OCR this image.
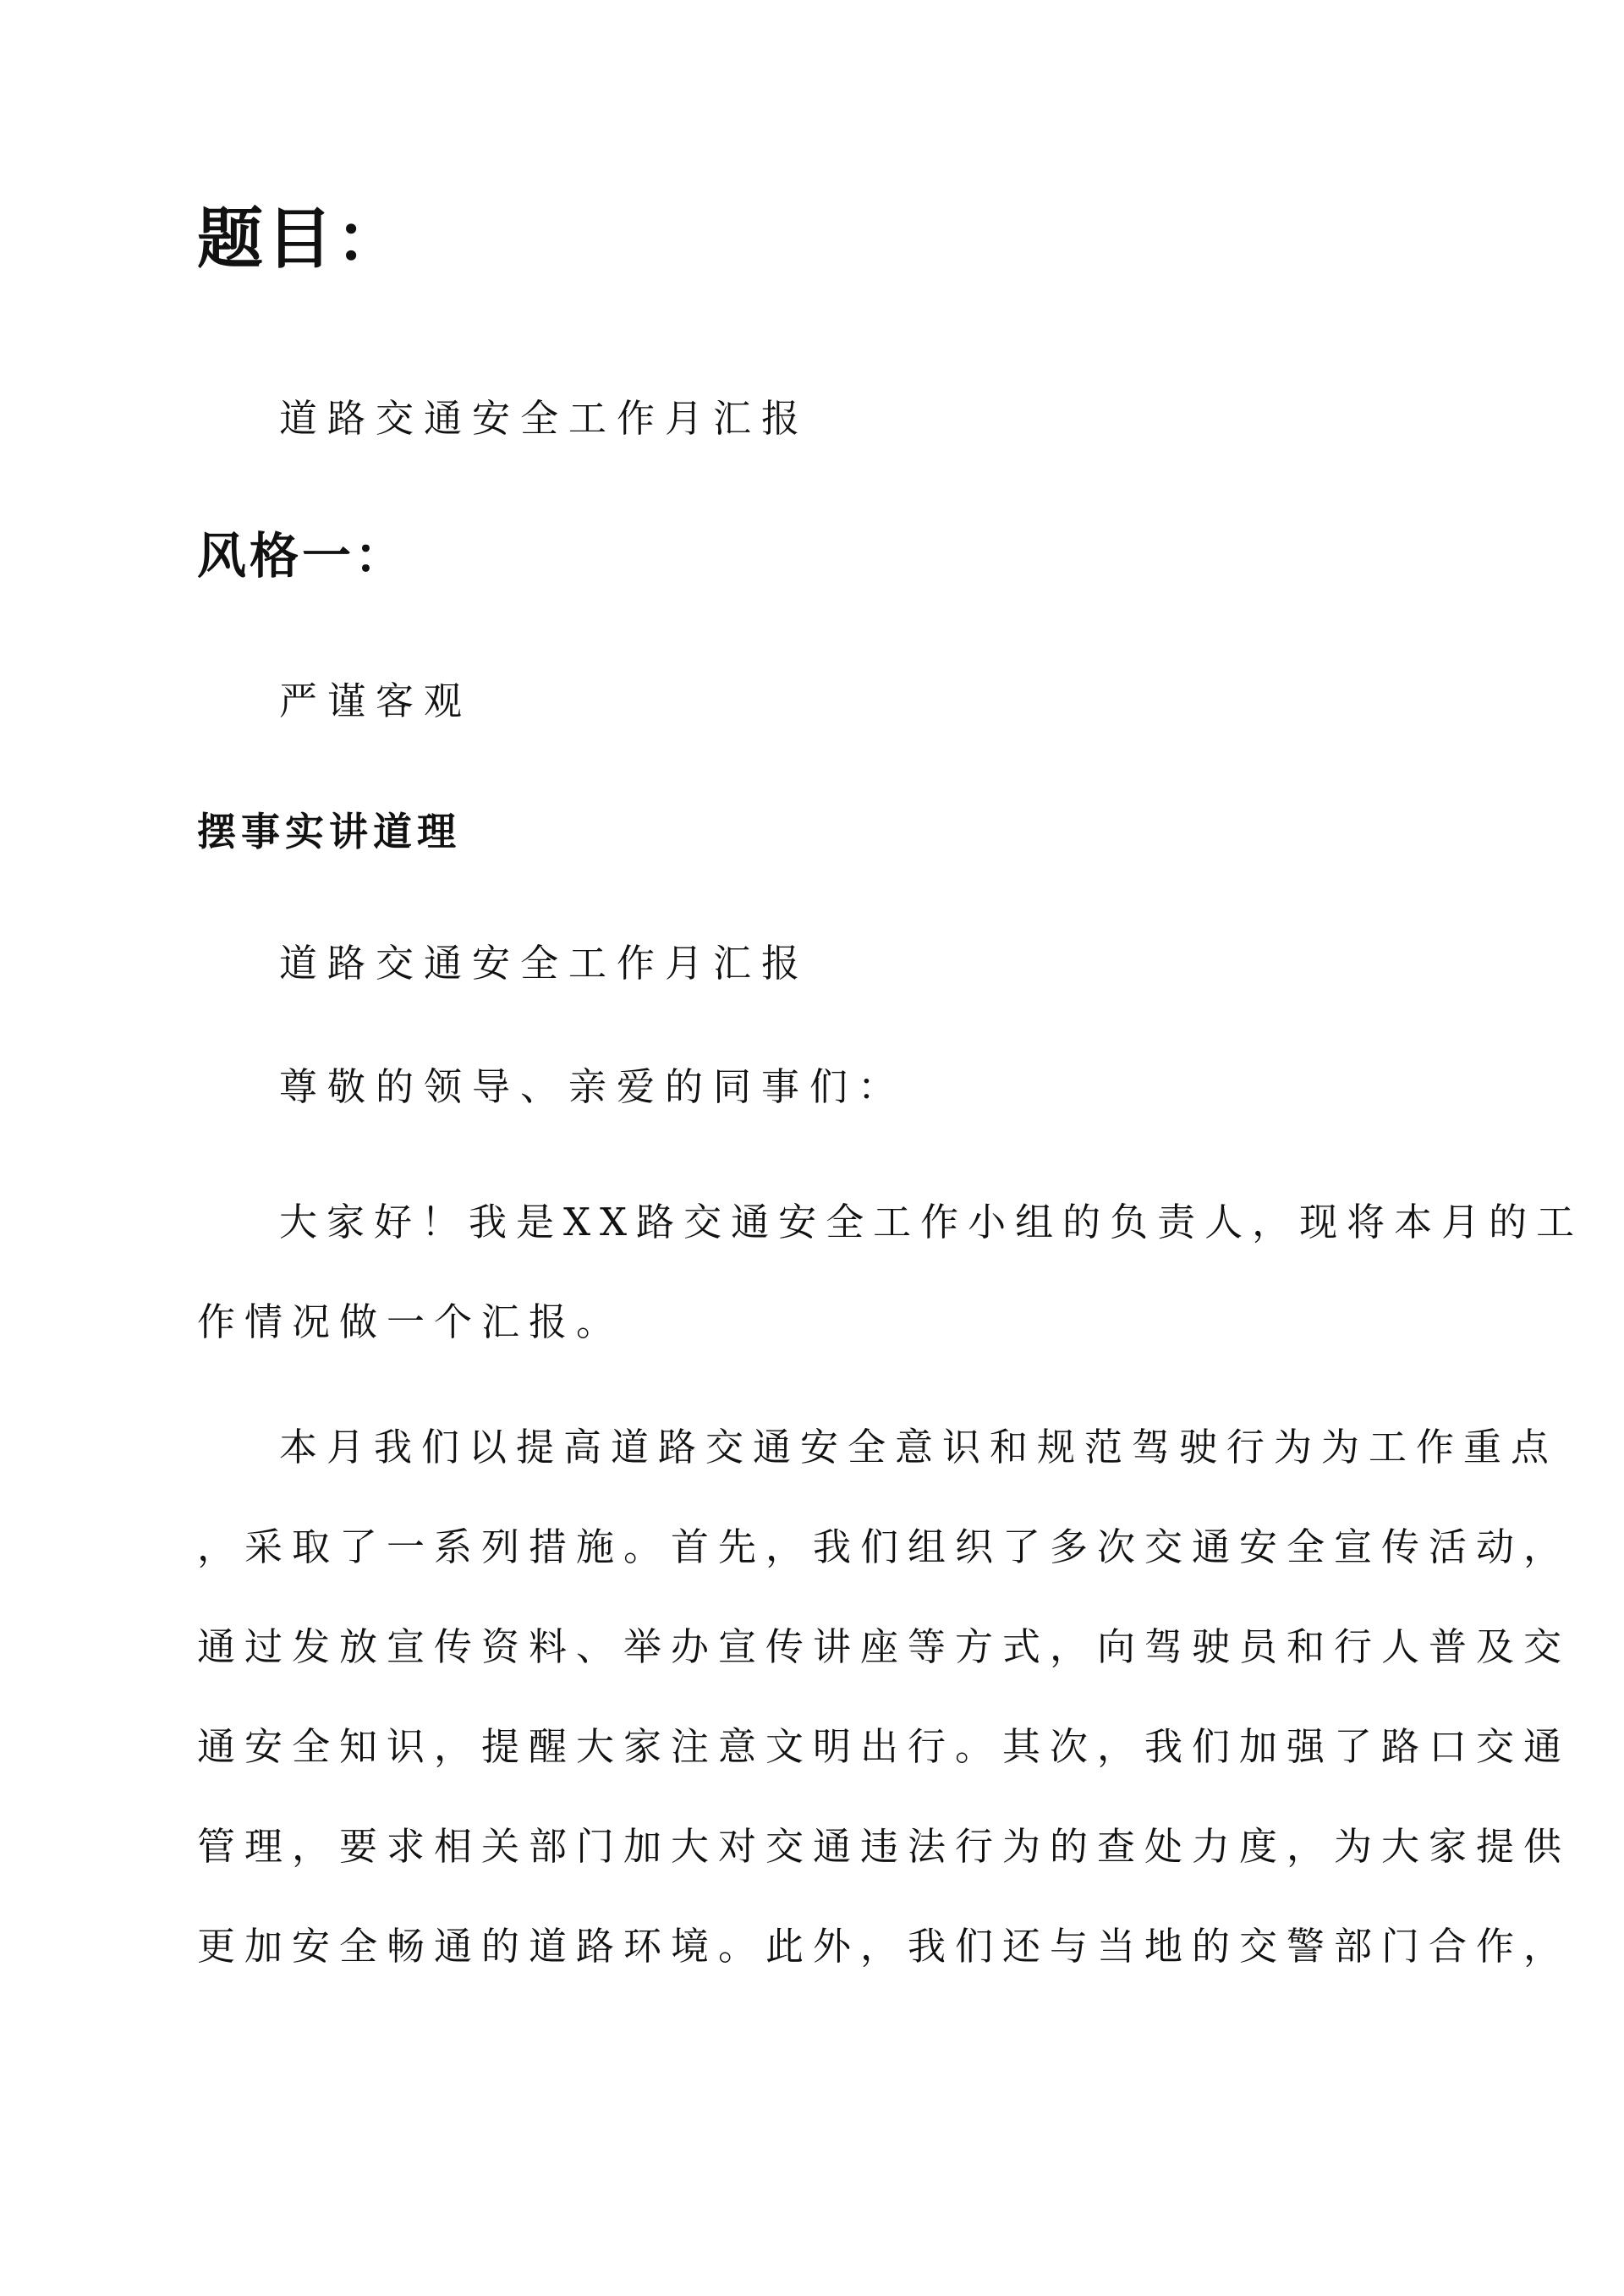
题目：

道路交通安全工作月汇报

风格一：

严谨客观

摆事实讲道理

道路交通安全工作月汇报

尊敬的领导、亲爱的同事们：

大家好！我是XX路交通安全工作小组的负责人，现将本月的工
作情况做一个汇报。
本月我们以提高道路交通安全意识和规范驾驶行为为工作重点
，采取了一系列措施。首先，我们组织了多次交通安全宣传活动，
通过发放宣传资料、举办宣传讲座等方式，向驾驶员和行人普及交
通安全知识，提醒大家注意文明出行。其次，我们加强了路口交通
管理，要求相关部门加大对交通违法行为的查处力度，为大家提供
更加安全畅通的道路环境。此外，我们还与当地的交警部门合作，
